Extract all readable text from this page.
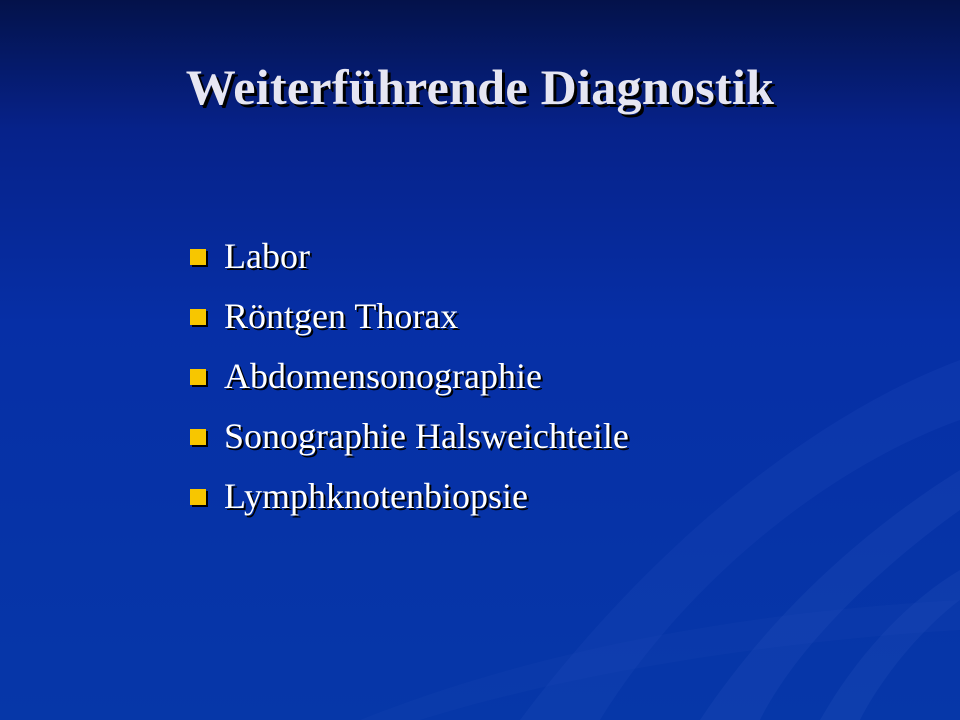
Weiterführende Diagnostik
Labor
Röntgen Thorax
Abdomensonographie
Sonographie Halsweichteile
Lymphknotenbiopsie
